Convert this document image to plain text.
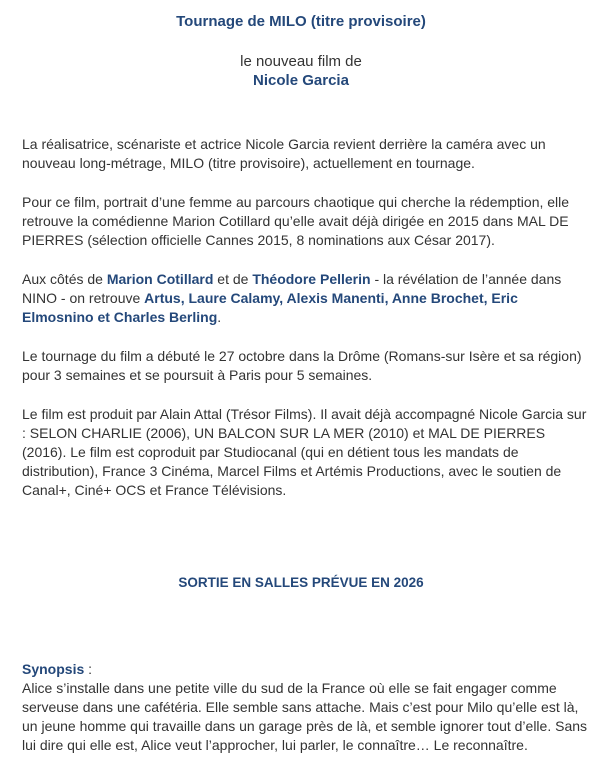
Tournage de MILO (titre provisoire)
le nouveau film de
Nicole Garcia

La réalisatrice, scénariste et actrice Nicole Garcia revient derrière la caméra avec un nouveau long-métrage, MILO (titre provisoire), actuellement en tournage.

Pour ce film, portrait d’une femme au parcours chaotique qui cherche la rédemption, elle retrouve la comédienne Marion Cotillard qu’elle avait déjà dirigée en 2015 dans MAL DE PIERRES (sélection officielle Cannes 2015, 8 nominations aux César 2017).

Aux côtés de Marion Cotillard et de Théodore Pellerin - la révélation de l’année dans NINO - on retrouve Artus, Laure Calamy, Alexis Manenti, Anne Brochet, Eric Elmosnino et Charles Berling.

Le tournage du film a débuté le 27 octobre dans la Drôme (Romans-sur Isère et sa région) pour 3 semaines et se poursuit à Paris pour 5 semaines.

Le film est produit par Alain Attal (Trésor Films). Il avait déjà accompagné Nicole Garcia sur : SELON CHARLIE (2006), UN BALCON SUR LA MER (2010) et MAL DE PIERRES (2016). Le film est coproduit par Studiocanal (qui en détient tous les mandats de distribution), France 3 Cinéma, Marcel Films et Artémis Productions, avec le soutien de Canal+, Ciné+ OCS et France Télévisions.

SORTIE EN SALLES PRÉVUE EN 2026

Synopsis :
Alice s’installe dans une petite ville du sud de la France où elle se fait engager comme serveuse dans une cafétéria. Elle semble sans attache. Mais c’est pour Milo qu’elle est là, un jeune homme qui travaille dans un garage près de là, et semble ignorer tout d’elle. Sans lui dire qui elle est, Alice veut l’approcher, lui parler, le connaître… Le reconnaître.
